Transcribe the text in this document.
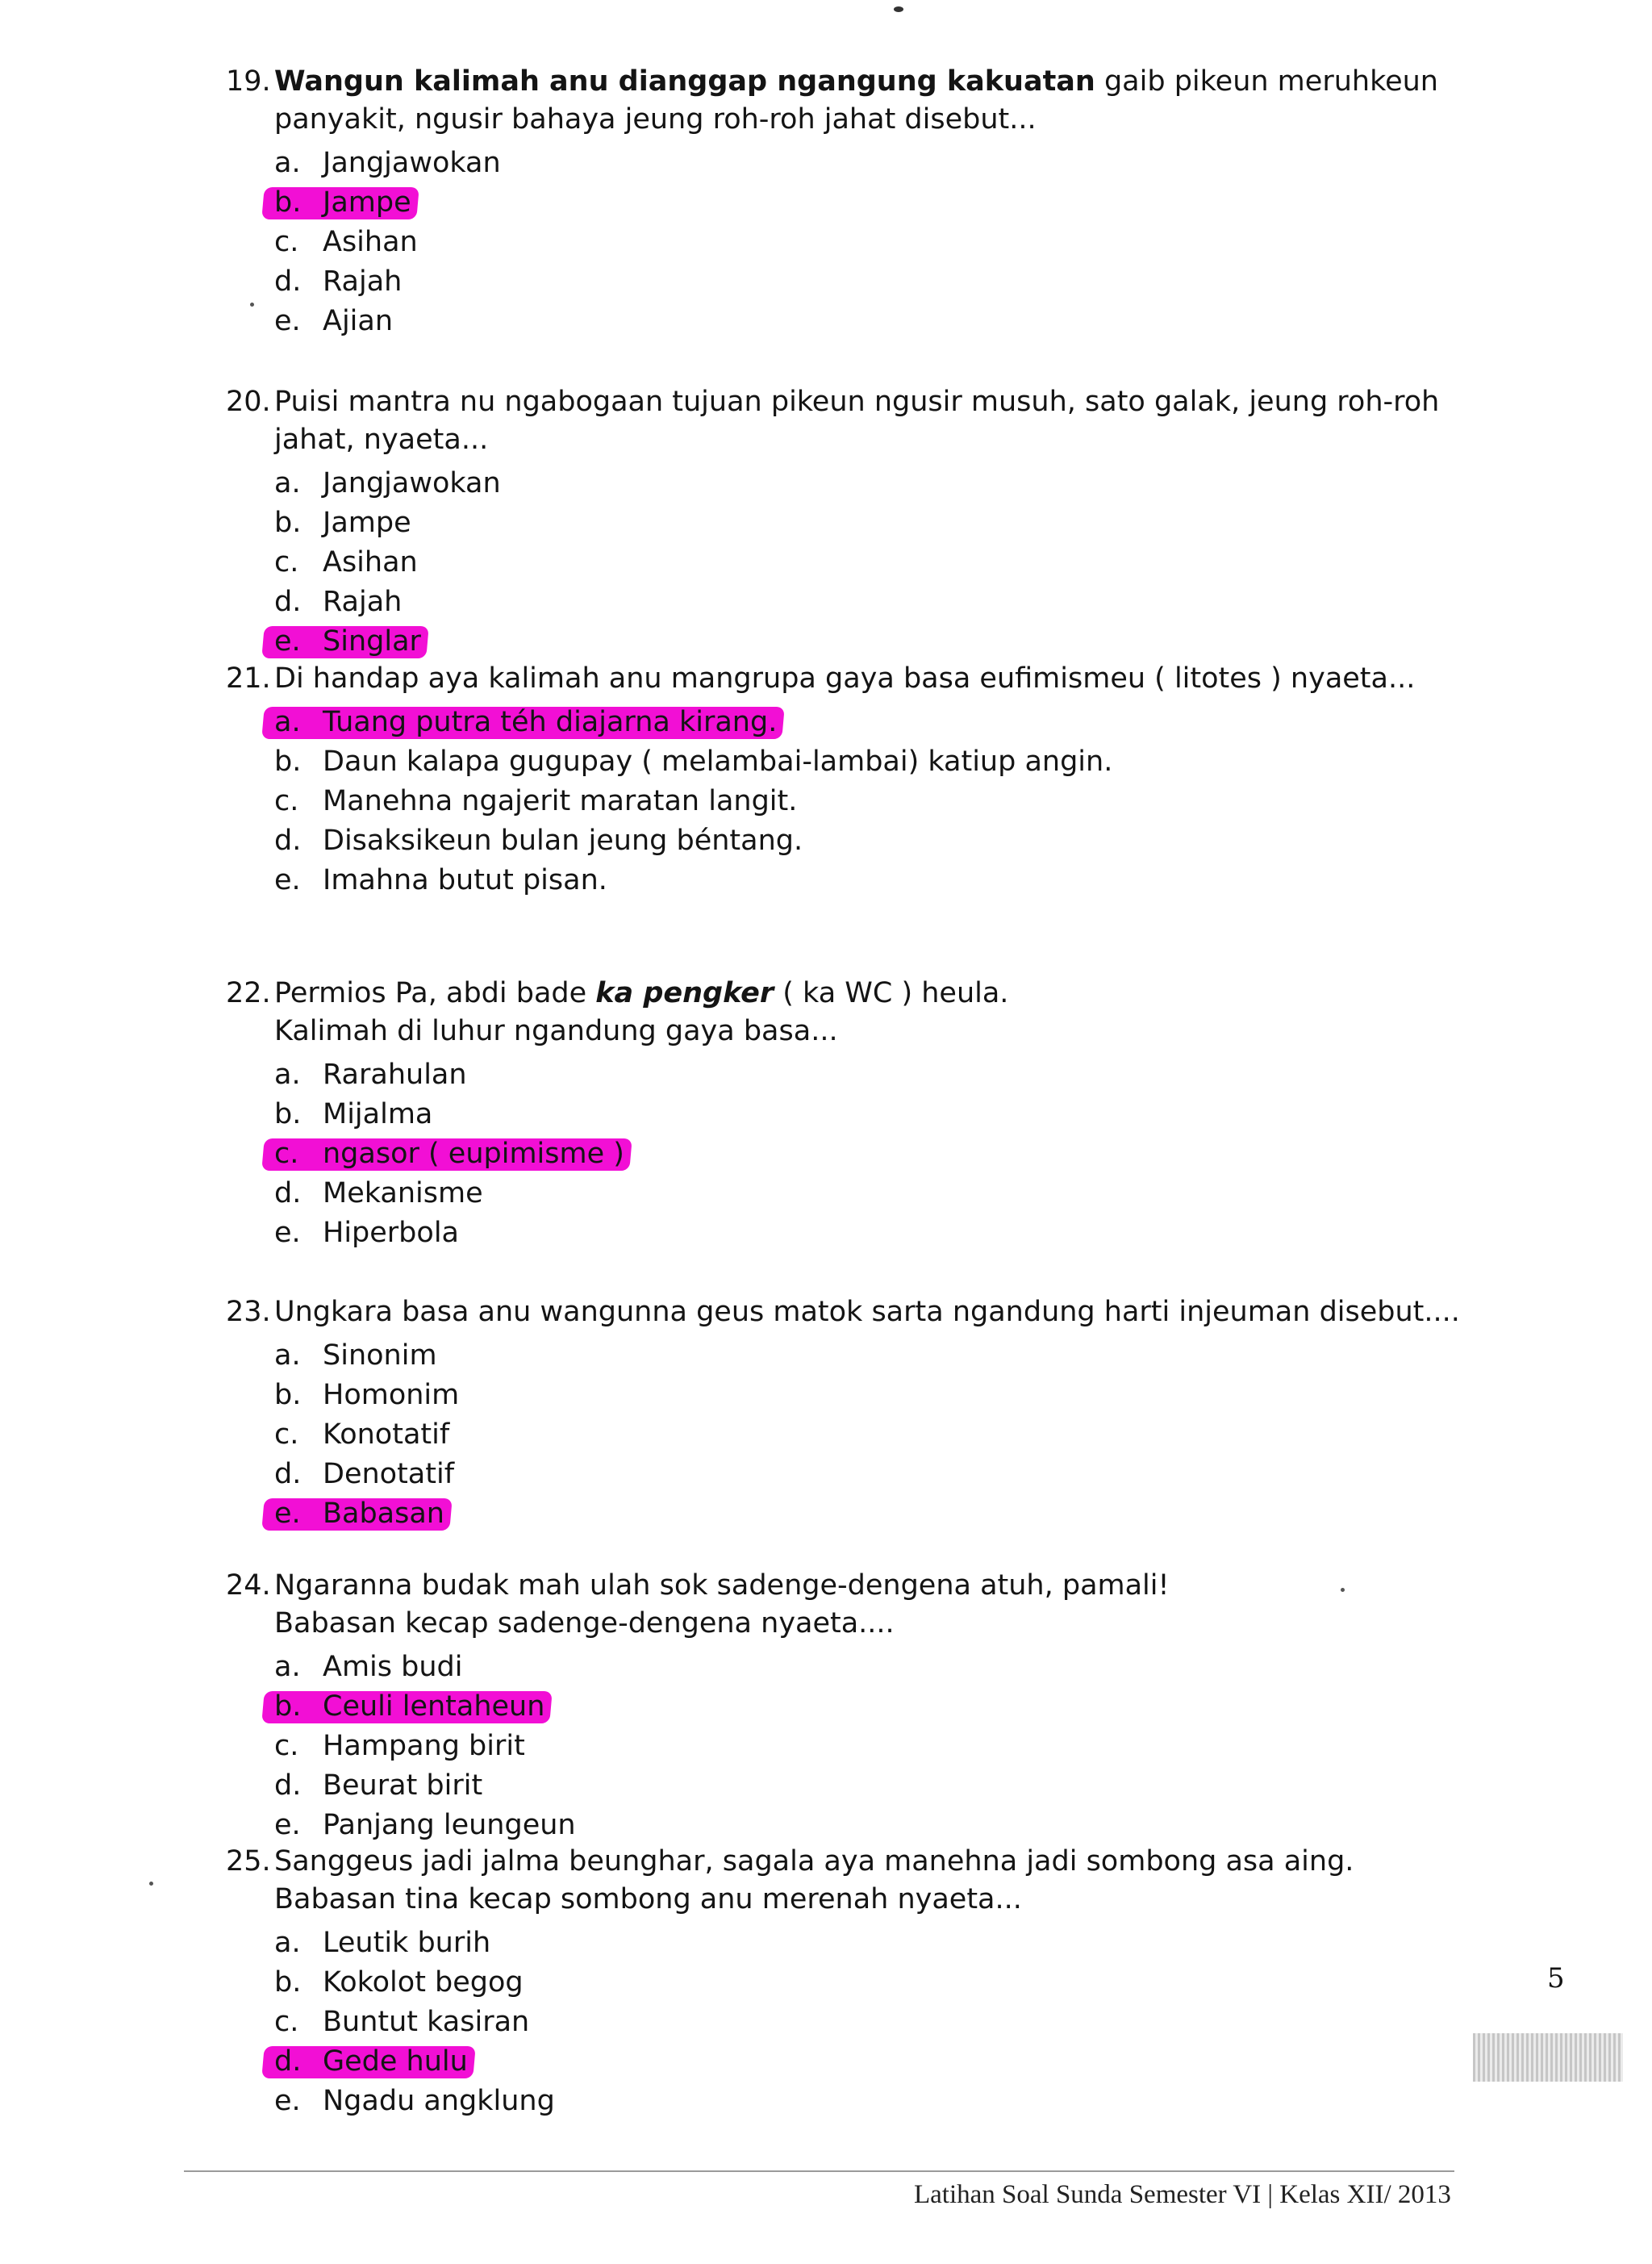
19. Wangun kalimah anu dianggap ngangung kakuatan gaib pikeun meruhkeun panyakit, ngusir bahaya jeung roh-roh jahat disebut...
a. Jangjawokan
b. Jampe
c. Asihan
d. Rajah
e. Ajian
20. Puisi mantra nu ngabogaan tujuan pikeun ngusir musuh, sato galak, jeung roh-roh jahat, nyaeta...
a. Jangjawokan
b. Jampe
c. Asihan
d. Rajah
e. Singlar
21. Di handap aya kalimah anu mangrupa gaya basa eufimismeu ( litotes ) nyaeta...
a. Tuang putra téh diajarna kirang.
b. Daun kalapa gugupay ( melambai-lambai) katiup angin.
c. Manehna ngajerit maratan langit.
d. Disaksikeun bulan jeung béntang.
e. Imahna butut pisan.
22. Permios Pa, abdi bade ka pengker ( ka WC ) heula.
Kalimah di luhur ngandung gaya basa...
a. Rarahulan
b. Mijalma
c. ngasor ( eupimisme )
d. Mekanisme
e. Hiperbola
23. Ungkara basa anu wangunna geus matok sarta ngandung harti injeuman disebut....
a. Sinonim
b. Homonim
c. Konotatif
d. Denotatif
e. Babasan
24. Ngaranna budak mah ulah sok sadenge-dengena atuh, pamali!
Babasan kecap sadenge-dengena nyaeta....
a. Amis budi
b. Ceuli lentaheun
c. Hampang birit
d. Beurat birit
e. Panjang leungeun
25. Sanggeus jadi jalma beunghar, sagala aya manehna jadi sombong asa aing.
Babasan tina kecap sombong anu merenah nyaeta...
a. Leutik burih
b. Kokolot begog
c. Buntut kasiran
d. Gede hulu
e. Ngadu angklung
5
Latihan Soal Sunda Semester VI | Kelas XII/ 2013
